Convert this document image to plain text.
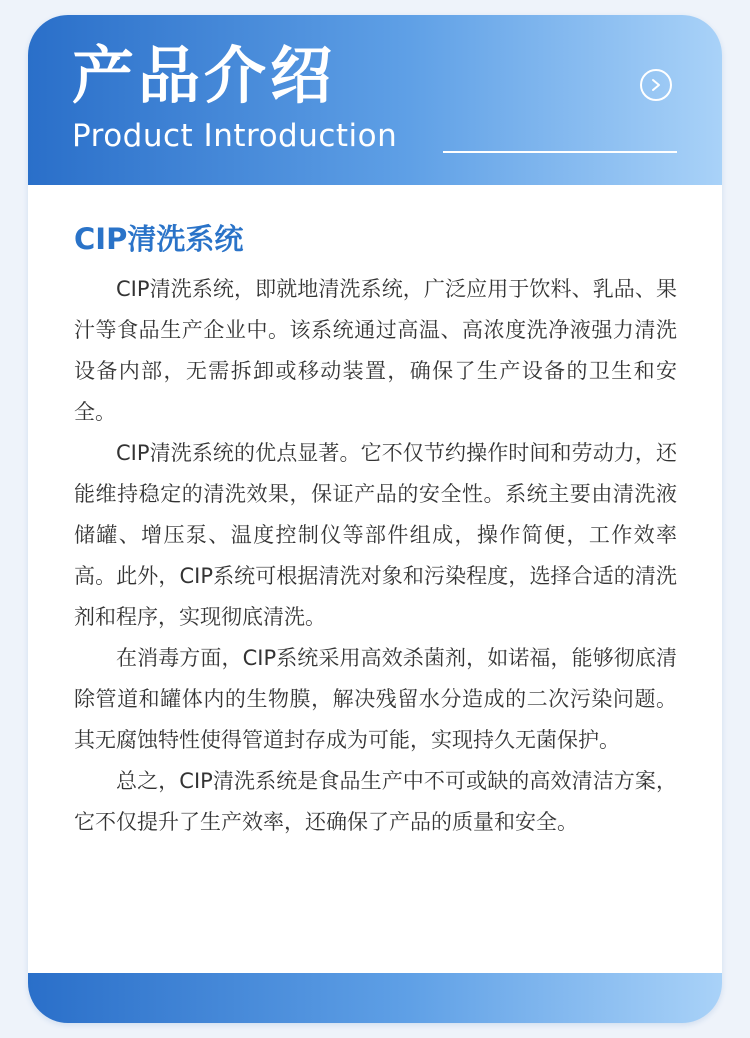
产品介绍
Product Introduction
CIP清洗系统

CIP清洗系统，即就地清洗系统，广泛应用于饮料、乳品、果汁等食品生产企业中。该系统通过高温、高浓度洗净液强力清洗设备内部，无需拆卸或移动装置，确保了生产设备的卫生和安全。

CIP清洗系统的优点显著。它不仅节约操作时间和劳动力，还能维持稳定的清洗效果，保证产品的安全性。系统主要由清洗液储罐、增压泵、温度控制仪等部件组成，操作简便，工作效率高。此外，CIP系统可根据清洗对象和污染程度，选择合适的清洗剂和程序，实现彻底清洗。

在消毒方面，CIP系统采用高效杀菌剂，如诺福，能够彻底清除管道和罐体内的生物膜，解决残留水分造成的二次污染问题。其无腐蚀特性使得管道封存成为可能，实现持久无菌保护。

总之，CIP清洗系统是食品生产中不可或缺的高效清洁方案，它不仅提升了生产效率，还确保了产品的质量和安全。
